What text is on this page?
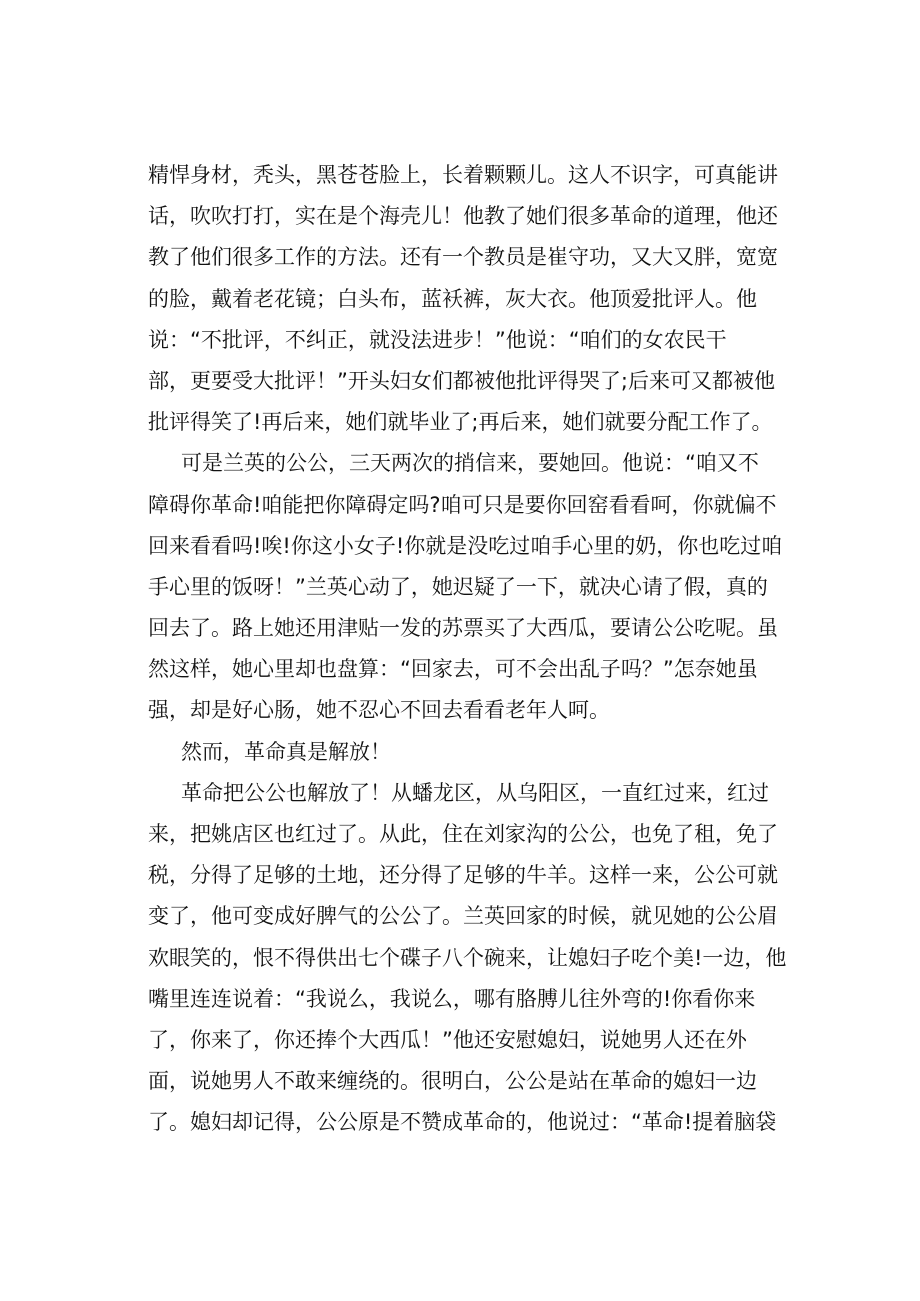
精悍身材，秃头，黑苍苍脸上，长着颗颗儿。这人不识字，可真能讲
话，吹吹打打，实在是个海壳儿！他教了她们很多革命的道理，他还
教了他们很多工作的方法。还有一个教员是崔守功，又大又胖，宽宽
的脸，戴着老花镜；白头布，蓝袄裤，灰大衣。他顶爱批评人。他
说：“不批评，不纠正，就没法进步！”他说：“咱们的女农民干
部，更要受大批评！”开头妇女们都被他批评得哭了;后来可又都被他
批评得笑了!再后来，她们就毕业了;再后来，她们就要分配工作了。
可是兰英的公公，三天两次的捎信来，要她回。他说：“咱又不
障碍你革命!咱能把你障碍定吗?咱可只是要你回窑看看呵，你就偏不
回来看看吗!唉!你这小女子!你就是没吃过咱手心里的奶，你也吃过咱
手心里的饭呀！”兰英心动了，她迟疑了一下，就决心请了假，真的
回去了。路上她还用津贴一发的苏票买了大西瓜，要请公公吃呢。虽
然这样，她心里却也盘算：“回家去，可不会出乱子吗？”怎奈她虽
强，却是好心肠，她不忍心不回去看看老年人呵。
然而，革命真是解放！
革命把公公也解放了！从蟠龙区，从乌阳区，一直红过来，红过
来，把姚店区也红过了。从此，住在刘家沟的公公，也免了租，免了
税，分得了足够的土地，还分得了足够的牛羊。这样一来，公公可就
变了，他可变成好脾气的公公了。兰英回家的时候，就见她的公公眉
欢眼笑的，恨不得供出七个碟子八个碗来，让媳妇子吃个美!一边，他
嘴里连连说着：“我说么，我说么，哪有胳膊儿往外弯的!你看你来
了，你来了，你还捧个大西瓜！”他还安慰媳妇，说她男人还在外
面，说她男人不敢来缠绕的。很明白，公公是站在革命的媳妇一边
了。媳妇却记得，公公原是不赞成革命的，他说过：“革命!提着脑袋
